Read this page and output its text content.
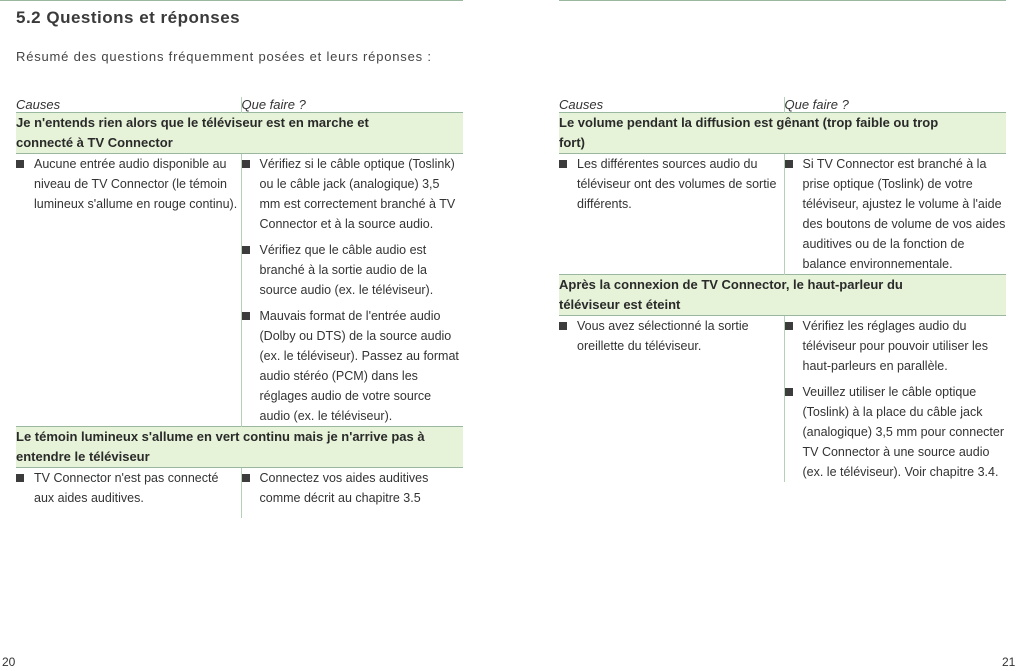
5.2 Questions et réponses
Résumé des questions fréquemment posées et leurs réponses :
Causes	Que faire ?
Je n'entends rien alors que le téléviseur est en marche et connecté à TV Connector	

Aucune entrée audio disponible au niveau de TV Connector (le témoin lumineux s'allume en rouge continu).	Vérifiez si le câble optique (Toslink) ou le câble jack (analogique) 3,5 mm est correctement branché à TV Connector et à la source audio.
Vérifiez que le câble audio est branché à la sortie audio de la source audio (ex. le téléviseur).
Mauvais format de l'entrée audio (Dolby ou DTS) de la source audio (ex. le téléviseur). Passez au format audio stéréo (PCM) dans les réglages audio de votre source audio (ex. le téléviseur).

Le témoin lumineux s'allume en vert continu mais je n'arrive pas à entendre le téléviseur	

TV Connector n'est pas connecté aux aides auditives.	Connectez vos aides auditives comme décrit au chapitre 3.5
Causes	Que faire ?
Le volume pendant la diffusion est gênant (trop faible ou trop fort)	

Les différentes sources audio du téléviseur ont des volumes de sortie différents.	Si TV Connector est branché à la prise optique (Toslink) de votre téléviseur, ajustez le volume à l'aide des boutons de volume de vos aides auditives ou de la fonction de balance environnementale.

Après la connexion de TV Connector, le haut-parleur du téléviseur est éteint	

Vous avez sélectionné la sortie oreillette du téléviseur.	Vérifiez les réglages audio du téléviseur pour pouvoir utiliser les haut-parleurs en parallèle.
Veuillez utiliser le câble optique (Toslink) à la place du câble jack (analogique) 3,5 mm pour connecter TV Connector à une source audio (ex. le téléviseur). Voir chapitre 3.4.
20	21
